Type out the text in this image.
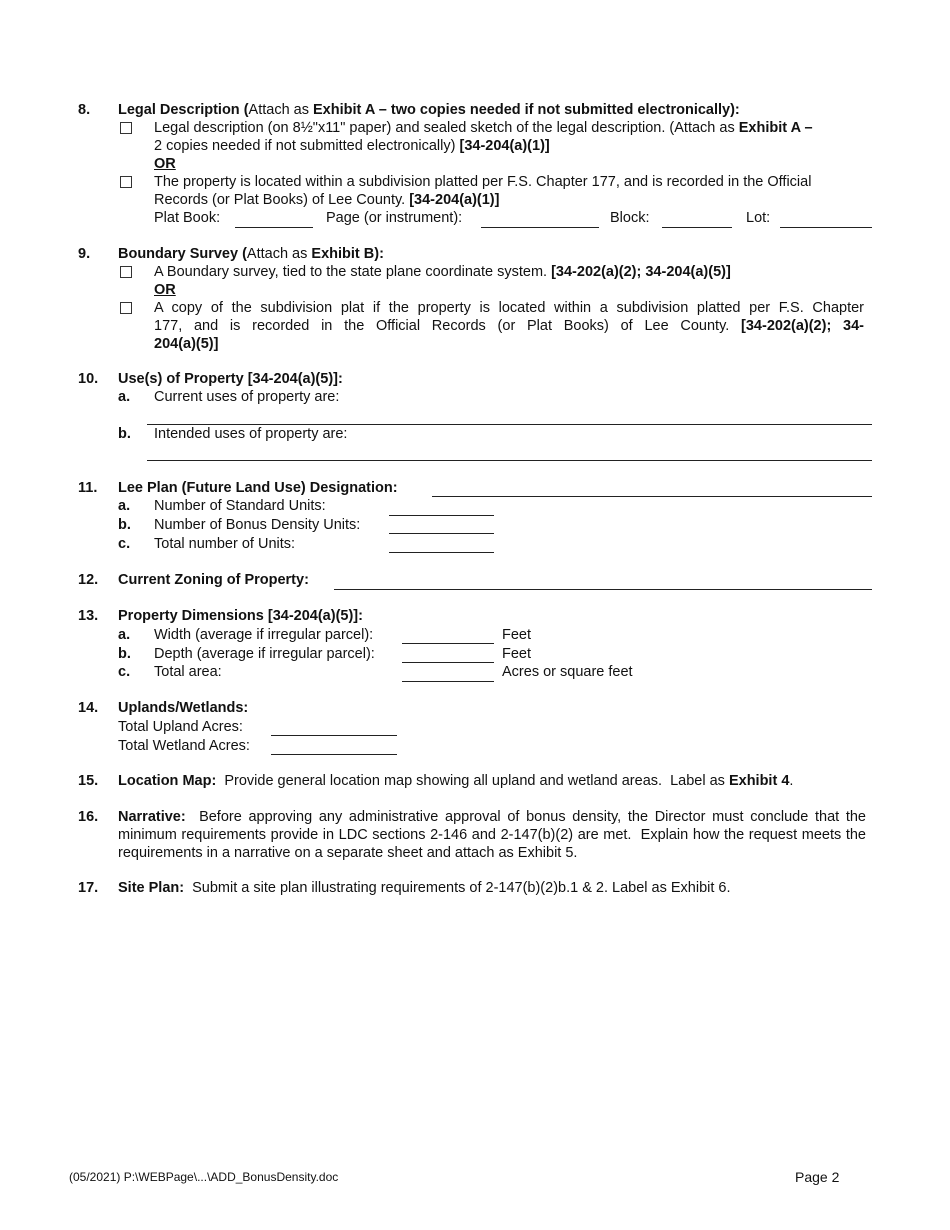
8. Legal Description (Attach as Exhibit A – two copies needed if not submitted electronically):
Legal description (on 8½"x11" paper) and sealed sketch of the legal description. (Attach as Exhibit A –
2 copies needed if not submitted electronically) [34-204(a)(1)]
OR
The property is located within a subdivision platted per F.S. Chapter 177, and is recorded in the Official
Records (or Plat Books) of Lee County. [34-204(a)(1)]
Plat Book:	Page (or instrument):	Block:	Lot:
9. Boundary Survey (Attach as Exhibit B):
A Boundary survey, tied to the state plane coordinate system. [34-202(a)(2); 34-204(a)(5)]
OR
A copy of the subdivision plat if the property is located within a subdivision platted per F.S. Chapter
177, and is recorded in the Official Records (or Plat Books) of Lee County. [34-202(a)(2); 34-
204(a)(5)]
10. Use(s) of Property [34-204(a)(5)]:
a. Current uses of property are:
b. Intended uses of property are:
11. Lee Plan (Future Land Use) Designation:
a. Number of Standard Units:
b. Number of Bonus Density Units:
c. Total number of Units:
12. Current Zoning of Property:
13. Property Dimensions [34-204(a)(5)]:
a. Width (average if irregular parcel):	Feet
b. Depth (average if irregular parcel):	Feet
c. Total area:	Acres or square feet
14. Uplands/Wetlands:
Total Upland Acres:
Total Wetland Acres:
15. Location Map:  Provide general location map showing all upland and wetland areas.  Label as Exhibit 4.
16. Narrative:  Before approving any administrative approval of bonus density, the Director must conclude that the minimum requirements provide in LDC sections 2-146 and 2-147(b)(2) are met.  Explain how the request meets the requirements in a narrative on a separate sheet and attach as Exhibit 5.
17. Site Plan:  Submit a site plan illustrating requirements of 2-147(b)(2)b.1 & 2. Label as Exhibit 6.
(05/2021) P:\WEBPage\...\ADD_BonusDensity.doc	Page 2
